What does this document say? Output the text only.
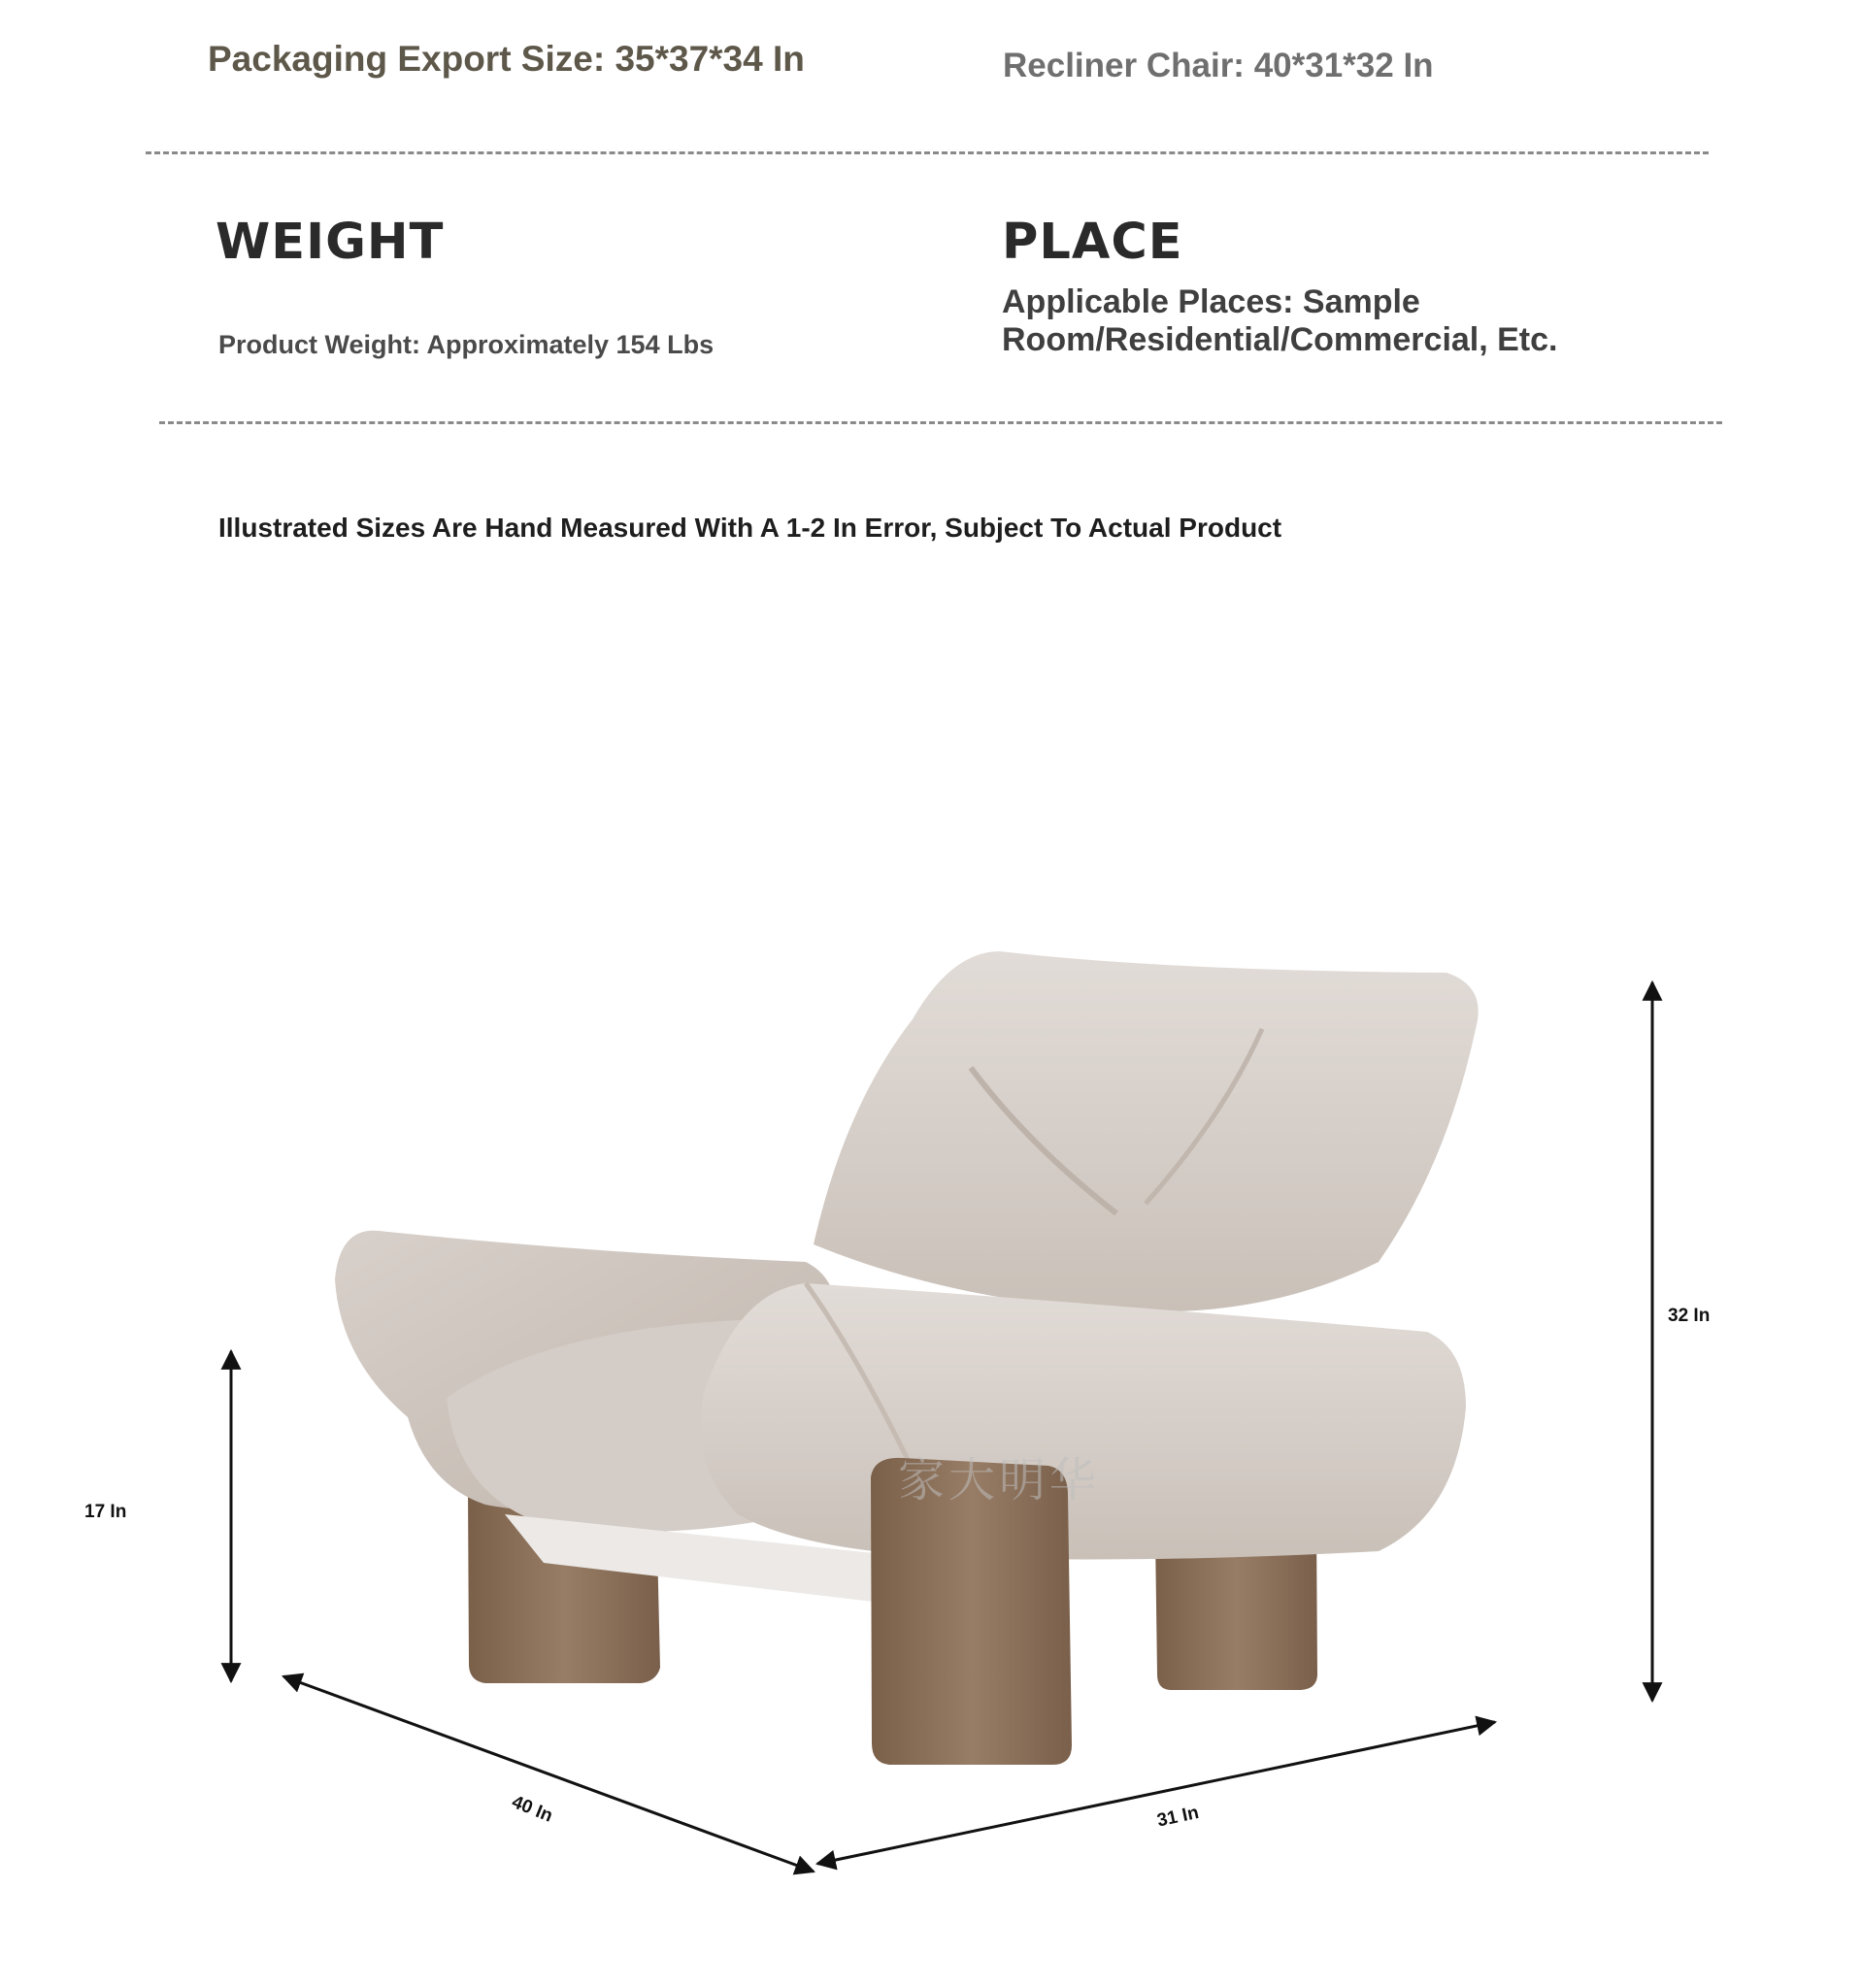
Packaging Export Size: 35*37*34 In	Recliner Chair: 40*31*32 In
WEIGHT	PLACE
Product Weight: Approximately 154 Lbs
Applicable Places: Sample Room/Residential/Commercial, Etc.
Illustrated Sizes Are Hand Measured With A 1-2 In Error, Subject To Actual Product
家大明华
17 In
32 In
40 In	31 In
